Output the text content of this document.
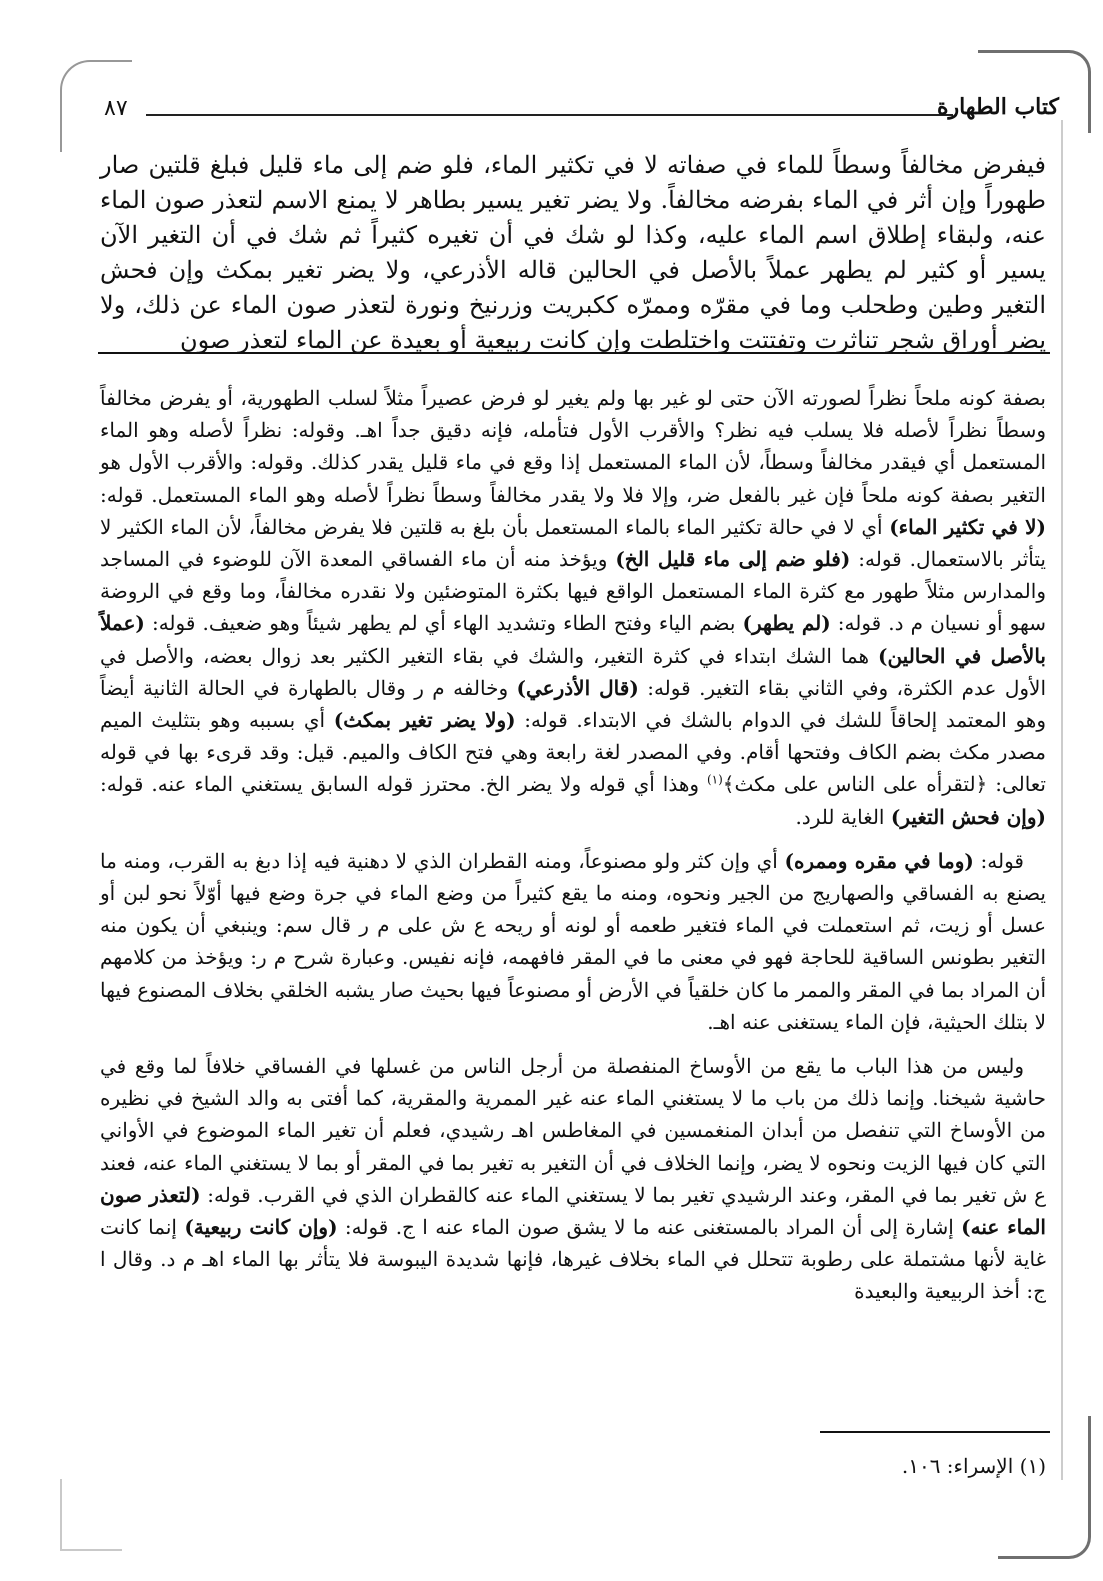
٨٧	كتاب الطهارة

فيفرض مخالفاً وسطاً للماء في صفاته لا في تكثير الماء، فلو ضم إلى ماء قليل فبلغ قلتين صار طهوراً وإن أثر في الماء بفرضه مخالفاً. ولا يضر تغير يسير بطاهر لا يمنع الاسم لتعذر صون الماء عنه، ولبقاء إطلاق اسم الماء عليه، وكذا لو شك في أن تغيره كثيراً ثم شك في أن التغير الآن يسير أو كثير لم يطهر عملاً بالأصل في الحالين قاله الأذرعي، ولا يضر تغير بمكث وإن فحش التغير وطين وطحلب وما في مقرّه وممرّه ككبريت وزرنيخ ونورة لتعذر صون الماء عن ذلك، ولا يضر أوراق شجر تناثرت وتفتتت واختلطت وإن كانت ربيعية أو بعيدة عن الماء لتعذر صون

بصفة كونه ملحاً نظراً لصورته الآن حتى لو غير بها ولم يغير لو فرض عصيراً مثلاً لسلب الطهورية، أو يفرض مخالفاً وسطاً نظراً لأصله فلا يسلب فيه نظر؟ والأقرب الأول فتأمله، فإنه دقيق جداً اهـ. وقوله: نظراً لأصله وهو الماء المستعمل أي فيقدر مخالفاً وسطاً، لأن الماء المستعمل إذا وقع في ماء قليل يقدر كذلك. وقوله: والأقرب الأول هو التغير بصفة كونه ملحاً فإن غير بالفعل ضر، وإلا فلا ولا يقدر مخالفاً وسطاً نظراً لأصله وهو الماء المستعمل. قوله: (لا في تكثير الماء) أي لا في حالة تكثير الماء بالماء المستعمل بأن بلغ به قلتين فلا يفرض مخالفاً، لأن الماء الكثير لا يتأثر بالاستعمال. قوله: (فلو ضم إلى ماء قليل الخ) ويؤخذ منه أن ماء الفساقي المعدة الآن للوضوء في المساجد والمدارس مثلاً طهور مع كثرة الماء المستعمل الواقع فيها بكثرة المتوضئين ولا نقدره مخالفاً، وما وقع في الروضة سهو أو نسيان م د. قوله: (لم يطهر) بضم الياء وفتح الطاء وتشديد الهاء أي لم يطهر شيئاً وهو ضعيف. قوله: (عملاً بالأصل في الحالين) هما الشك ابتداء في كثرة التغير، والشك في بقاء التغير الكثير بعد زوال بعضه، والأصل في الأول عدم الكثرة، وفي الثاني بقاء التغير. قوله: (قال الأذرعي) وخالفه م ر وقال بالطهارة في الحالة الثانية أيضاً وهو المعتمد إلحاقاً للشك في الدوام بالشك في الابتداء. قوله: (ولا يضر تغير بمكث) أي بسببه وهو بتثليث الميم مصدر مكث بضم الكاف وفتحها أقام. وفي المصدر لغة رابعة وهي فتح الكاف والميم. قيل: وقد قرىء بها في قوله تعالى: ﴿لتقرأه على الناس على مكث﴾$^{(١)}$ وهذا أي قوله ولا يضر الخ. محترز قوله السابق يستغني الماء عنه. قوله: (وإن فحش التغير) الغاية للرد.

قوله: (وما في مقره وممره) أي وإن كثر ولو مصنوعاً، ومنه القطران الذي لا دهنية فيه إذا دبغ به القرب، ومنه ما يصنع به الفساقي والصهاريج من الجير ونحوه، ومنه ما يقع كثيراً من وضع الماء في جرة وضع فيها أوّلاً نحو لبن أو عسل أو زيت، ثم استعملت في الماء فتغير طعمه أو لونه أو ريحه ع ش على م ر قال سم: وينبغي أن يكون منه التغير بطونس الساقية للحاجة فهو في معنى ما في المقر فافهمه، فإنه نفيس. وعبارة شرح م ر: ويؤخذ من كلامهم أن المراد بما في المقر والممر ما كان خلقياً في الأرض أو مصنوعاً فيها بحيث صار يشبه الخلقي بخلاف المصنوع فيها لا بتلك الحيثية، فإن الماء يستغنى عنه اهـ.

وليس من هذا الباب ما يقع من الأوساخ المنفصلة من أرجل الناس من غسلها في الفساقي خلافاً لما وقع في حاشية شيخنا. وإنما ذلك من باب ما لا يستغني الماء عنه غير الممرية والمقرية، كما أفتى به والد الشيخ في نظيره من الأوساخ التي تنفصل من أبدان المنغمسين في المغاطس اهـ رشيدي، فعلم أن تغير الماء الموضوع في الأواني التي كان فيها الزيت ونحوه لا يضر، وإنما الخلاف في أن التغير به تغير بما في المقر أو بما لا يستغني الماء عنه، فعند ع ش تغير بما في المقر، وعند الرشيدي تغير بما لا يستغني الماء عنه كالقطران الذي في القرب. قوله: (لتعذر صون الماء عنه) إشارة إلى أن المراد بالمستغنى عنه ما لا يشق صون الماء عنه ا ج. قوله: (وإن كانت ربيعية) إنما كانت غاية لأنها مشتملة على رطوبة تتحلل في الماء بخلاف غيرها، فإنها شديدة اليبوسة فلا يتأثر بها الماء اهـ م د. وقال ا ج: أخذ الربيعية والبعيدة

(١) الإسراء: ١٠٦.
